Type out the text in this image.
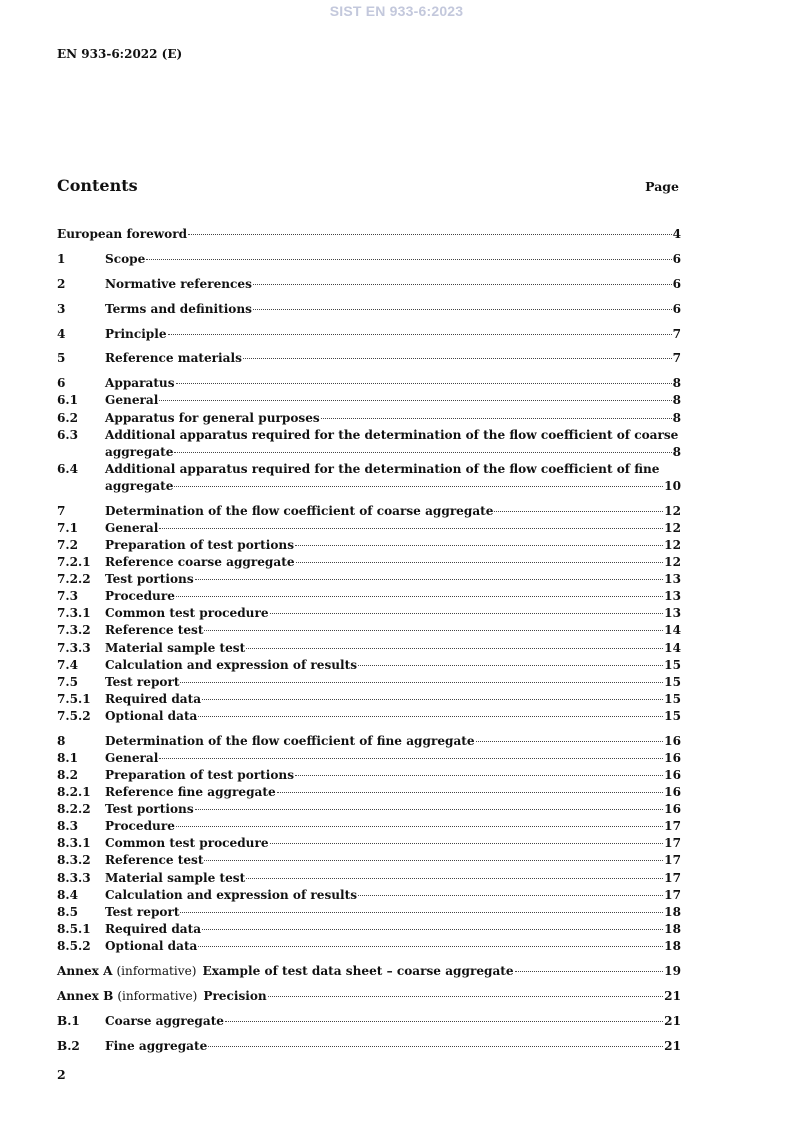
SIST EN 933-6:2023
EN 933-6:2022 (E)
Contents	Page
European foreword	4
1	Scope	6
2	Normative references	6
3	Terms and definitions	6
4	Principle	7
5	Reference materials	7
6	Apparatus	8
6.1	General	8
6.2	Apparatus for general purposes	8
6.3	Additional apparatus required for the determination of the flow coefficient of coarse
aggregate	8
6.4	Additional apparatus required for the determination of the flow coefficient of fine
aggregate	10
7	Determination of the flow coefficient of coarse aggregate	12
7.1	General	12
7.2	Preparation of test portions	12
7.2.1	Reference coarse aggregate	12
7.2.2	Test portions	13
7.3	Procedure	13
7.3.1	Common test procedure	13
7.3.2	Reference test	14
7.3.3	Material sample test	14
7.4	Calculation and expression of results	15
7.5	Test report	15
7.5.1	Required data	15
7.5.2	Optional data	15
8	Determination of the flow coefficient of fine aggregate	16
8.1	General	16
8.2	Preparation of test portions	16
8.2.1	Reference fine aggregate	16
8.2.2	Test portions	16
8.3	Procedure	17
8.3.1	Common test procedure	17
8.3.2	Reference test	17
8.3.3	Material sample test	17
8.4	Calculation and expression of results	17
8.5	Test report	18
8.5.1	Required data	18
8.5.2	Optional data	18
Annex A (informative) Example of test data sheet – coarse aggregate	19
Annex B (informative) Precision	21
B.1	Coarse aggregate	21
B.2	Fine aggregate	21
2
